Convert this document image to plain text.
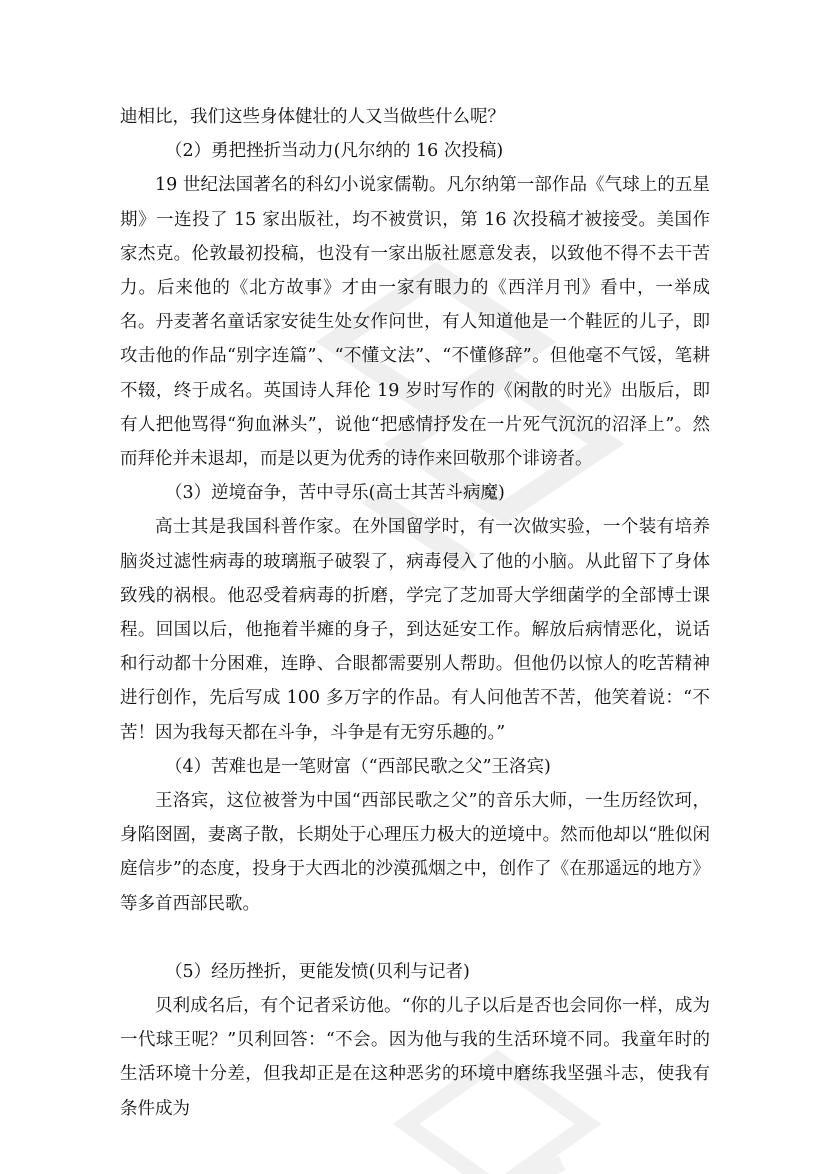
迪相比，我们这些身体健壮的人又当做些什么呢？

（2）勇把挫折当动力(凡尔纳的 16 次投稿)

19 世纪法国著名的科幻小说家儒勒。凡尔纳第一部作品《气球上的五星期》一连投了 15 家出版社，均不被赏识，第 16 次投稿才被接受。美国作家杰克。伦敦最初投稿，也没有一家出版社愿意发表，以致他不得不去干苦力。后来他的《北方故事》才由一家有眼力的《西洋月刊》看中，一举成名。丹麦著名童话家安徒生处女作问世，有人知道他是一个鞋匠的儿子，即攻击他的作品“别字连篇”、“不懂文法”、“不懂修辞”。但他毫不气馁，笔耕不辍，终于成名。英国诗人拜伦 19 岁时写作的《闲散的时光》出版后，即有人把他骂得“狗血淋头”，说他“把感情抒发在一片死气沉沉的沼泽上”。然而拜伦并未退却，而是以更为优秀的诗作来回敬那个诽谤者。

（3）逆境奋争，苦中寻乐(高士其苦斗病魔)

高士其是我国科普作家。在外国留学时，有一次做实验，一个装有培养脑炎过滤性病毒的玻璃瓶子破裂了，病毒侵入了他的小脑。从此留下了身体致残的祸根。他忍受着病毒的折磨，学完了芝加哥大学细菌学的全部博士课程。回国以后，他拖着半瘫的身子，到达延安工作。解放后病情恶化，说话和行动都十分困难，连睁、合眼都需要别人帮助。但他仍以惊人的吃苦精神进行创作，先后写成 100 多万字的作品。有人问他苦不苦，他笑着说：“不苦！因为我每天都在斗争，斗争是有无穷乐趣的。”

（4）苦难也是一笔财富（“西部民歌之父”王洛宾)

王洛宾，这位被誉为中国“西部民歌之父”的音乐大师，一生历经饮珂，身陷囹圄，妻离子散，长期处于心理压力极大的逆境中。然而他却以“胜似闲庭信步”的态度，投身于大西北的沙漠孤烟之中，创作了《在那遥远的地方》等多首西部民歌。

（5）经历挫折，更能发愤(贝利与记者)

贝利成名后，有个记者采访他。“你的儿子以后是否也会同你一样，成为一代球王呢？”贝利回答：“不会。因为他与我的生活环境不同。我童年时的生活环境十分差，但我却正是在这种恶劣的环境中磨练我坚强斗志，使我有条件成为
